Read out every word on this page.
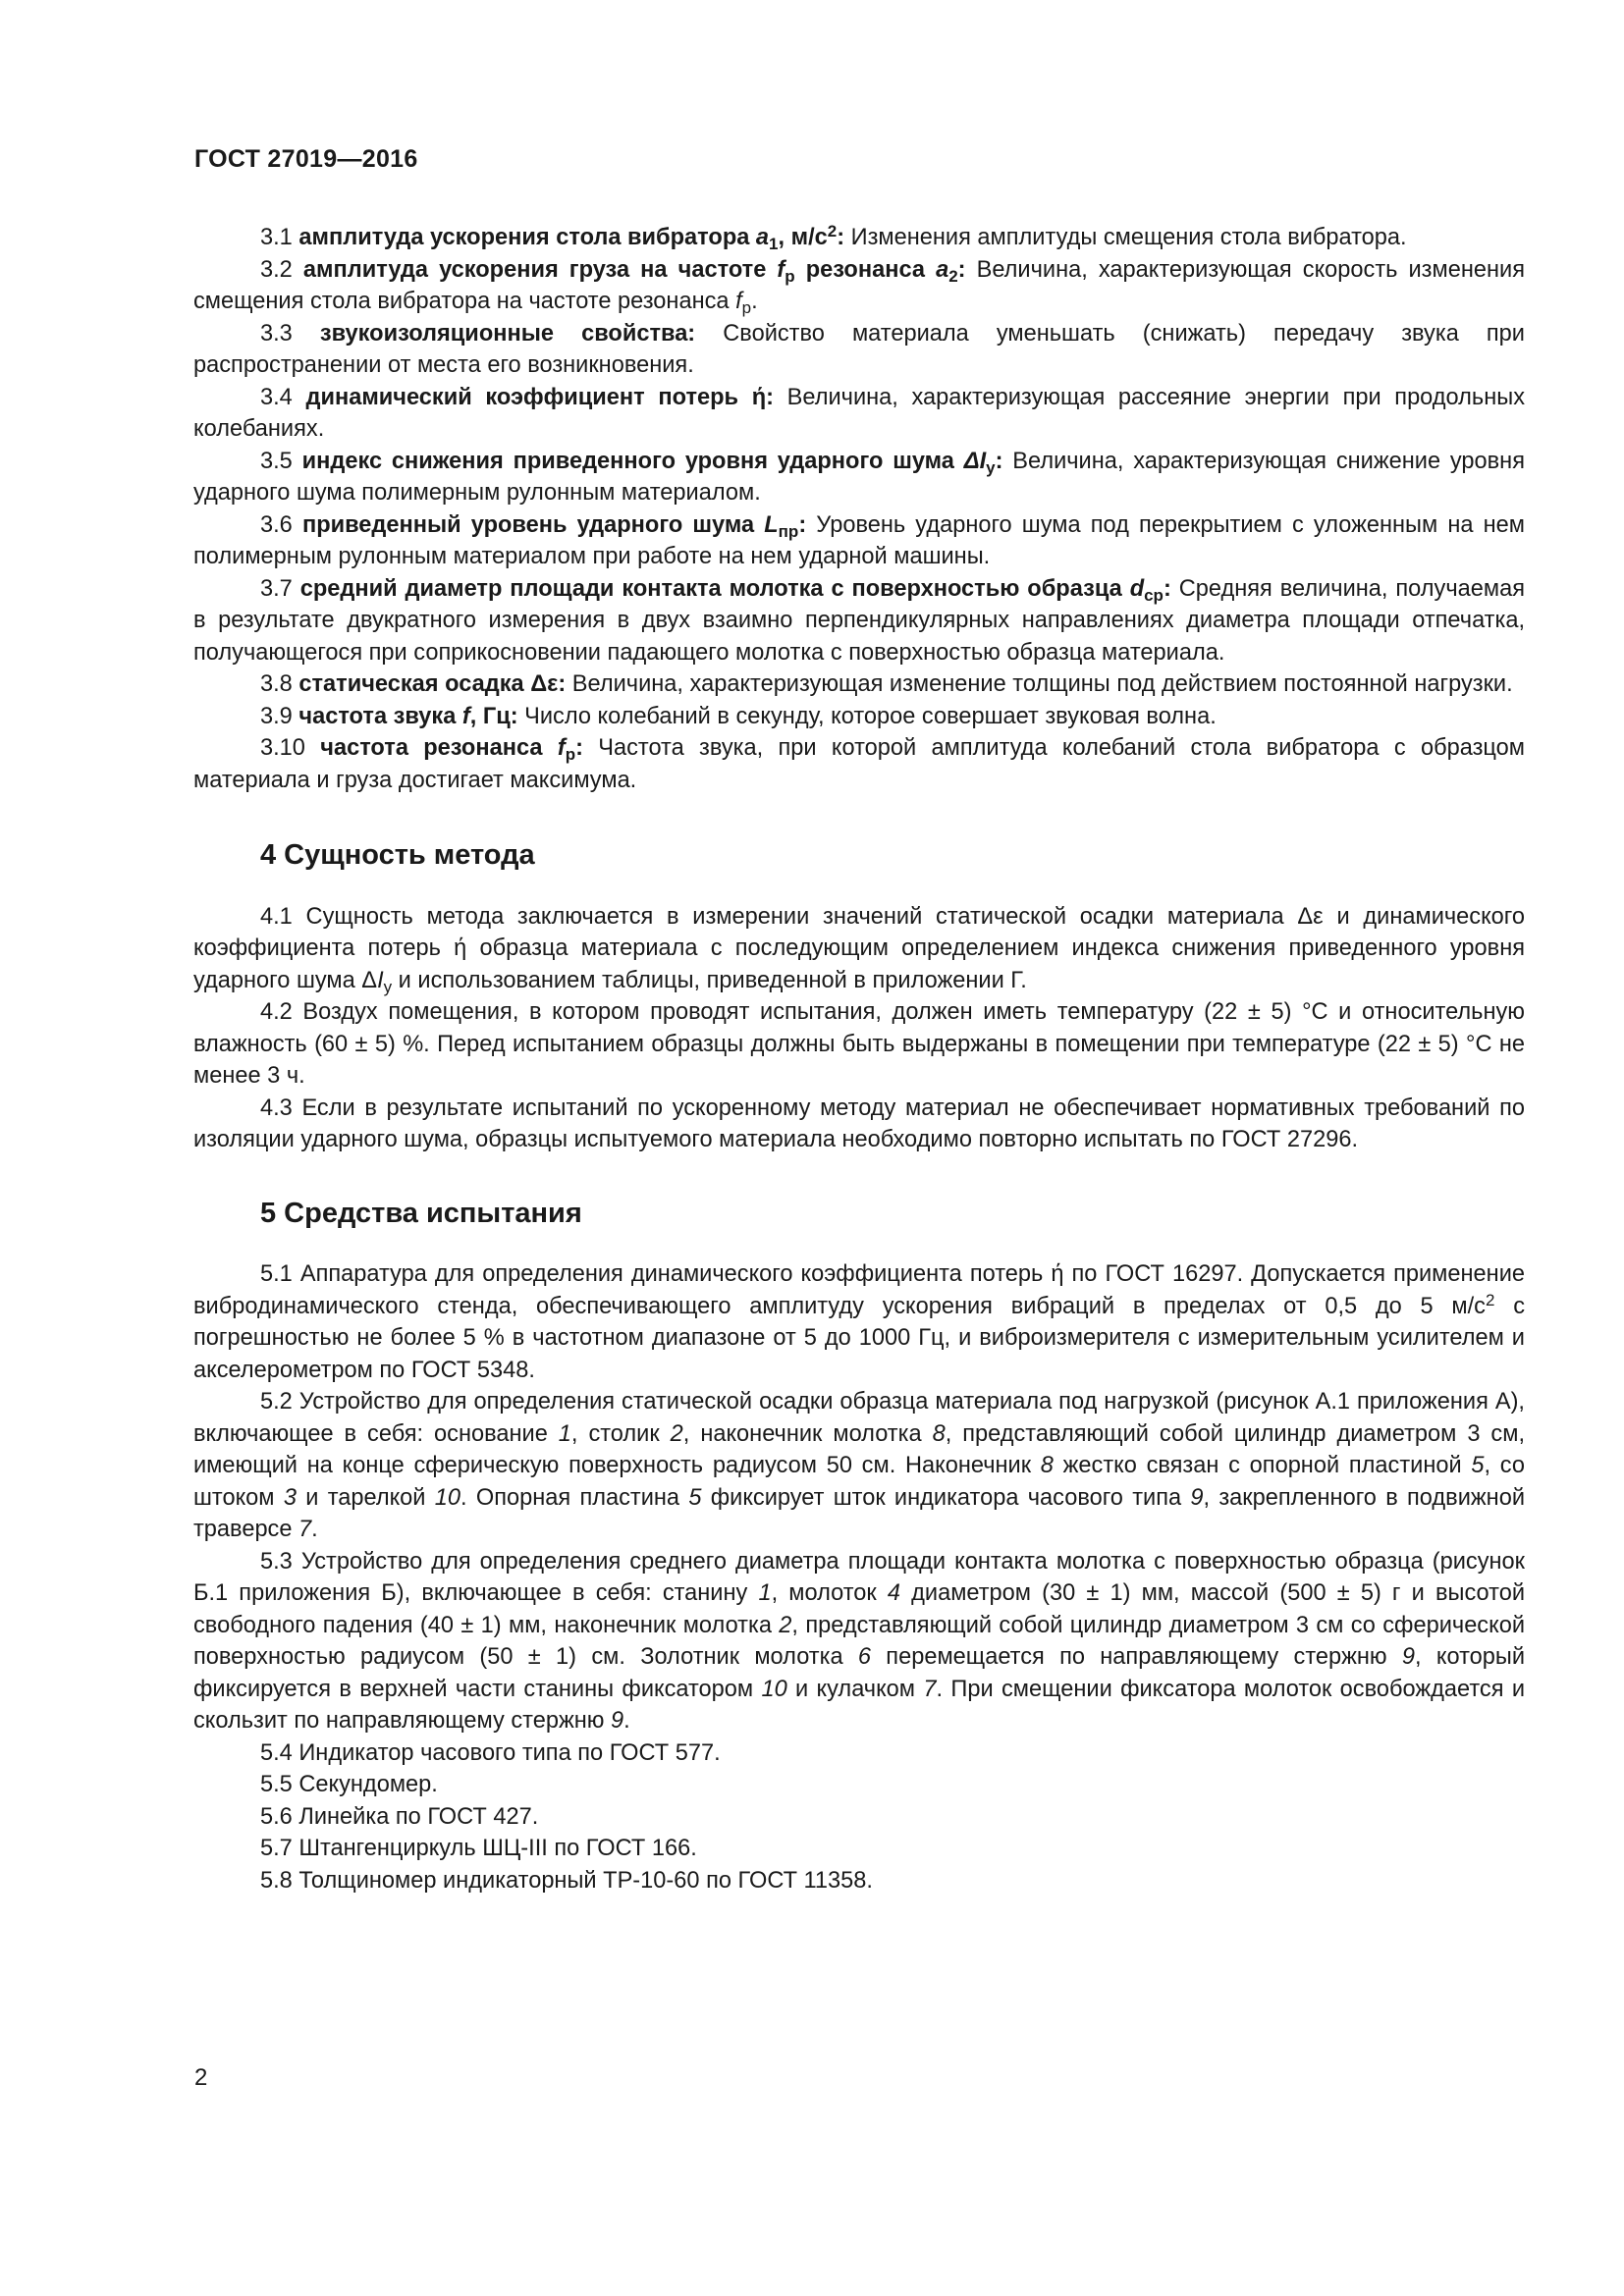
ГОСТ 27019—2016

3.1 амплитуда ускорения стола вибратора $a_1$, $м/с^2$: Изменения амплитуды смещения стола вибратора.

3.2 амплитуда ускорения груза на частоте $f_p$ резонанса $a_2$: Величина, характеризующая скорость изменения смещения стола вибратора на частоте резонанса $f_p$.

3.3 звукоизоляционные свойства: Свойство материала уменьшать (снижать) передачу звука при распространении от места его возникновения.

3.4 динамический коэффициент потерь ή: Величина, характеризующая рассеяние энергии при продольных колебаниях.

3.5 индекс снижения приведенного уровня ударного шума $\Delta I_y$: Величина, характеризующая снижение уровня ударного шума полимерным рулонным материалом.

3.6 приведенный уровень ударного шума $L_{пр}$: Уровень ударного шума под перекрытием с уложенным на нем полимерным рулонным материалом при работе на нем ударной машины.

3.7 средний диаметр площади контакта молотка с поверхностью образца $d_{ср}$: Средняя величина, получаемая в результате двукратного измерения в двух взаимно перпендикулярных направлениях диаметра площади отпечатка, получающегося при соприкосновении падающего молотка с поверхностью образца материала.

3.8 статическая осадка Δε: Величина, характеризующая изменение толщины под действием постоянной нагрузки.

3.9 частота звука f, Гц: Число колебаний в секунду, которое совершает звуковая волна.

3.10 частота резонанса $f_p$: Частота звука, при которой амплитуда колебаний стола вибратора с образцом материала и груза достигает максимума.

4 Сущность метода

4.1 Сущность метода заключается в измерении значений статической осадки материала Δε и динамического коэффициента потерь ή образца материала с последующим определением индекса снижения приведенного уровня ударного шума $\Delta I_y$ и использованием таблицы, приведенной в приложении Г.

4.2 Воздух помещения, в котором проводят испытания, должен иметь температуру (22 ± 5) °С и относительную влажность (60 ± 5) %. Перед испытанием образцы должны быть выдержаны в помещении при температуре (22 ± 5) °С не менее 3 ч.

4.3 Если в результате испытаний по ускоренному методу материал не обеспечивает нормативных требований по изоляции ударного шума, образцы испытуемого материала необходимо повторно испытать по ГОСТ 27296.

5 Средства испытания

5.1 Аппаратура для определения динамического коэффициента потерь ή по ГОСТ 16297. Допускается применение вибродинамического стенда, обеспечивающего амплитуду ускорения вибраций в пределах от 0,5 до 5 $м/с^2$ с погрешностью не более 5 % в частотном диапазоне от 5 до 1000 Гц, и виброизмерителя с измерительным усилителем и акселерометром по ГОСТ 5348.

5.2 Устройство для определения статической осадки образца материала под нагрузкой (рисунок А.1 приложения А), включающее в себя: основание 1, столик 2, наконечник молотка 8, представляющий собой цилиндр диаметром 3 см, имеющий на конце сферическую поверхность радиусом 50 см. Наконечник 8 жестко связан с опорной пластиной 5, со штоком 3 и тарелкой 10. Опорная пластина 5 фиксирует шток индикатора часового типа 9, закрепленного в подвижной траверсе 7.

5.3 Устройство для определения среднего диаметра площади контакта молотка с поверхностью образца (рисунок Б.1 приложения Б), включающее в себя: станину 1, молоток 4 диаметром (30 ± 1) мм, массой (500 ± 5) г и высотой свободного падения (40 ± 1) мм, наконечник молотка 2, представляющий собой цилиндр диаметром 3 см со сферической поверхностью радиусом (50 ± 1) см. Золотник молотка 6 перемещается по направляющему стержню 9, который фиксируется в верхней части станины фиксатором 10 и кулачком 7. При смещении фиксатора молоток освобождается и скользит по направляющему стержню 9.

5.4 Индикатор часового типа по ГОСТ 577.

5.5 Секундомер.

5.6 Линейка по ГОСТ 427.

5.7 Штангенциркуль ШЦ-III по ГОСТ 166.

5.8 Толщиномер индикаторный ТР-10-60 по ГОСТ 11358.

2
